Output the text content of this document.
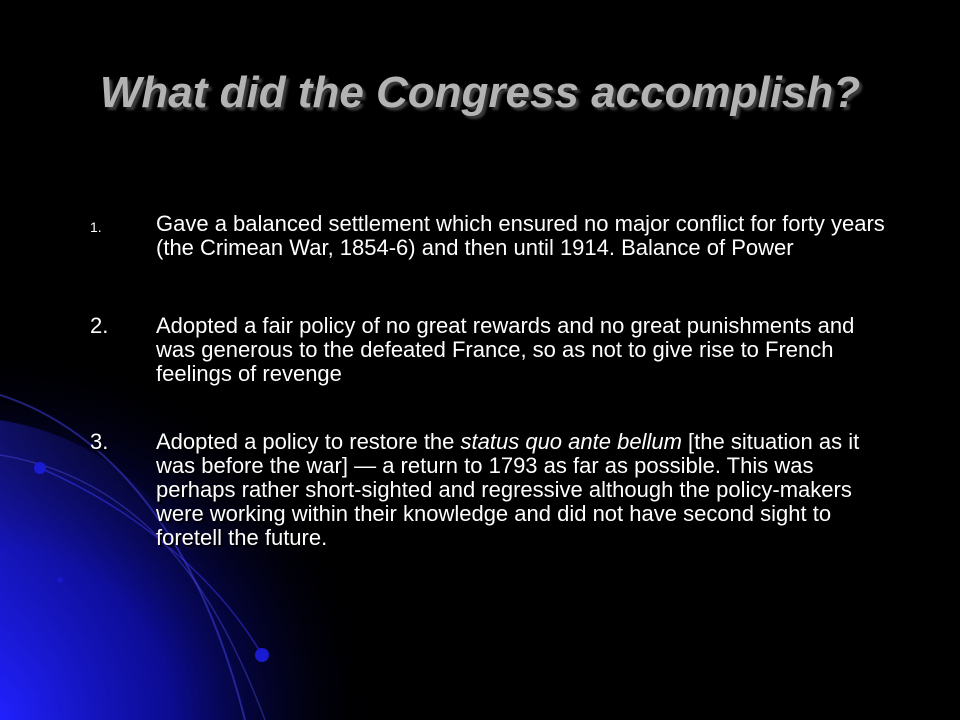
What did the Congress accomplish?

1. Gave a balanced settlement which ensured no major conflict for forty years (the Crimean War, 1854-6) and then until 1914. Balance of Power

2. Adopted a fair policy of no great rewards and no great punishments and was generous to the defeated France, so as not to give rise to French feelings of revenge

3. Adopted a policy to restore the status quo ante bellum [the situation as it was before the war] — a return to 1793 as far as possible. This was perhaps rather short-sighted and regressive although the policy-makers were working within their knowledge and did not have second sight to foretell the future.
